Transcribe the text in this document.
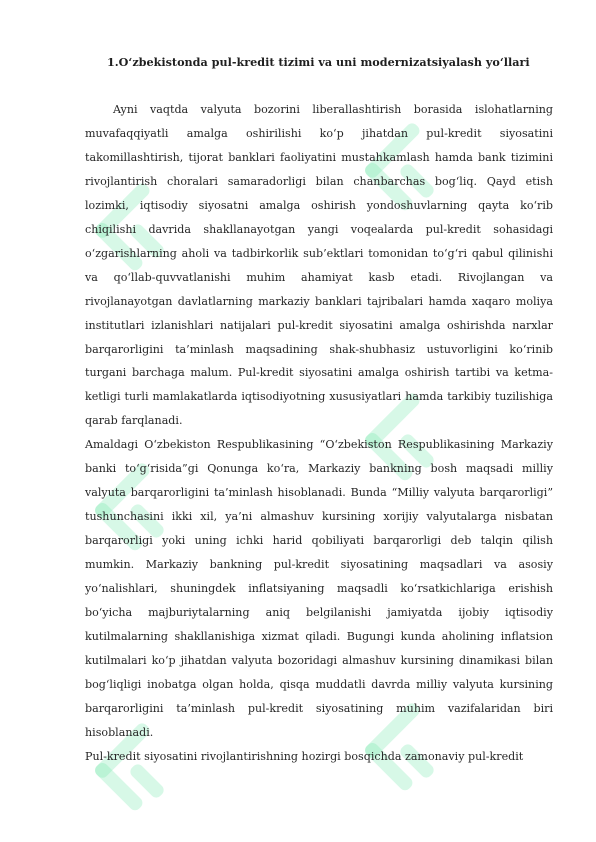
1.O‘zbekistonda pul-kredit tizimi va uni modernizatsiyalash yo‘llari

Ayni vaqtda valyuta bozorini liberallashtirish borasida islohatlarning muvafaqqiyatli amalga oshirilishi ko‘p jihatdan pul-kredit siyosatini takomillashtirish, tijorat banklari faoliyatini mustahkamlash hamda bank tizimini rivojlantirish choralari samaradorligi bilan chanbarchas bog‘liq. Qayd etish lozimki, iqtisodiy siyosatni amalga oshirish yondoshuvlarning qayta ko‘rib chiqilishi davrida shakllanayotgan yangi voqealarda pul-kredit sohasidagi o‘zgarishlarning aholi va tadbirkorlik sub’ektlari tomonidan to‘g‘ri qabul qilinishi va qo‘llab-quvvatlanishi muhim ahamiyat kasb etadi. Rivojlangan va rivojlanayotgan davlatlarning markaziy banklari tajribalari hamda xaqaro moliya institutlari izlanishlari natijalari pul-kredit siyosatini amalga oshirishda narxlar barqarorligini ta’minlash maqsadining shak-shubhasiz ustuvorligini ko‘rinib turgani barchaga malum. Pul-kredit siyosatini amalga oshirish tartibi va ketma-ketligi turli mamlakatlarda iqtisodiyotning xususiyatlari hamda tarkibiy tuzilishiga qarab farqlanadi.

Amaldagi O‘zbekiston Respublikasining “O‘zbekiston Respublikasining Markaziy banki to‘g‘risida”gi Qonunga ko‘ra, Markaziy bankning bosh maqsadi milliy valyuta barqarorligini ta’minlash hisoblanadi. Bunda “Milliy valyuta barqarorligi” tushunchasini ikki xil, ya’ni almashuv kursining xorijiy valyutalarga nisbatan barqarorligi yoki uning ichki harid qobiliyati barqarorligi deb talqin qilish mumkin. Markaziy bankning pul-kredit siyosatining maqsadlari va asosiy yo‘nalishlari, shuningdek inflatsiyaning maqsadli ko‘rsatkichlariga erishish bo‘yicha majburiytalarning aniq belgilanishi jamiyatda ijobiy iqtisodiy kutilmalarning shakllanishiga xizmat qiladi. Bugungi kunda aholining inflatsion kutilmalari ko‘p jihatdan valyuta bozoridagi almashuv kursining dinamikasi bilan bog‘liqligi inobatga olgan holda, qisqa muddatli davrda milliy valyuta kursining barqarorligini ta’minlash pul-kredit siyosatining muhim vazifalaridan biri hisoblanadi.

Pul-kredit siyosatini rivojlantirishning hozirgi bosqichda zamonaviy pul-kredit
